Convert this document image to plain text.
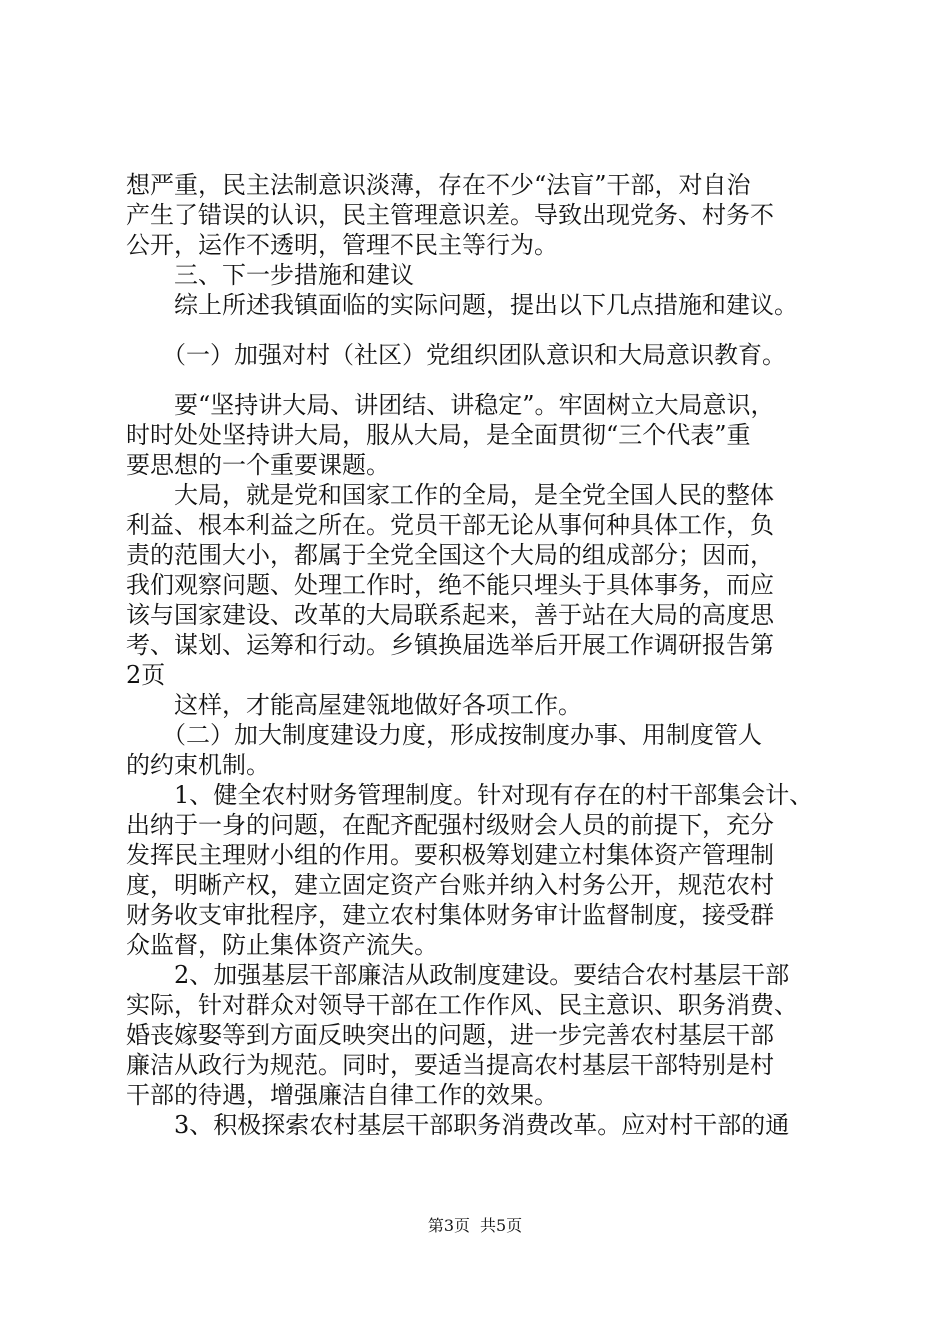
想严重，民主法制意识淡薄，存在不少“法盲”干部，对自治
产生了错误的认识，民主管理意识差。导致出现党务、村务不
公开，运作不透明，管理不民主等行为。
　　三、下一步措施和建议
　　综上所述我镇面临的实际问题，提出以下几点措施和建议。
　　（一）加强对村（社区）党组织团队意识和大局意识教育。
　　要“坚持讲大局、讲团结、讲稳定”。牢固树立大局意识，
时时处处坚持讲大局，服从大局，是全面贯彻“三个代表”重
要思想的一个重要课题。
　　大局，就是党和国家工作的全局，是全党全国人民的整体
利益、根本利益之所在。党员干部无论从事何种具体工作，负
责的范围大小，都属于全党全国这个大局的组成部分；因而，
我们观察问题、处理工作时，绝不能只埋头于具体事务，而应
该与国家建设、改革的大局联系起来，善于站在大局的高度思
考、谋划、运筹和行动。乡镇换届选举后开展工作调研报告第
2页
　　这样，才能高屋建瓴地做好各项工作。
　　（二）加大制度建设力度，形成按制度办事、用制度管人
的约束机制。
　　1、健全农村财务管理制度。针对现有存在的村干部集会计、
出纳于一身的问题，在配齐配强村级财会人员的前提下，充分
发挥民主理财小组的作用。要积极筹划建立村集体资产管理制
度，明晰产权，建立固定资产台账并纳入村务公开，规范农村
财务收支审批程序，建立农村集体财务审计监督制度，接受群
众监督，防止集体资产流失。
　　2、加强基层干部廉洁从政制度建设。要结合农村基层干部
实际，针对群众对领导干部在工作作风、民主意识、职务消费、
婚丧嫁娶等到方面反映突出的问题，进一步完善农村基层干部
廉洁从政行为规范。同时，要适当提高农村基层干部特别是村
干部的待遇，增强廉洁自律工作的效果。
　　3、积极探索农村基层干部职务消费改革。应对村干部的通
第3页 共5页
